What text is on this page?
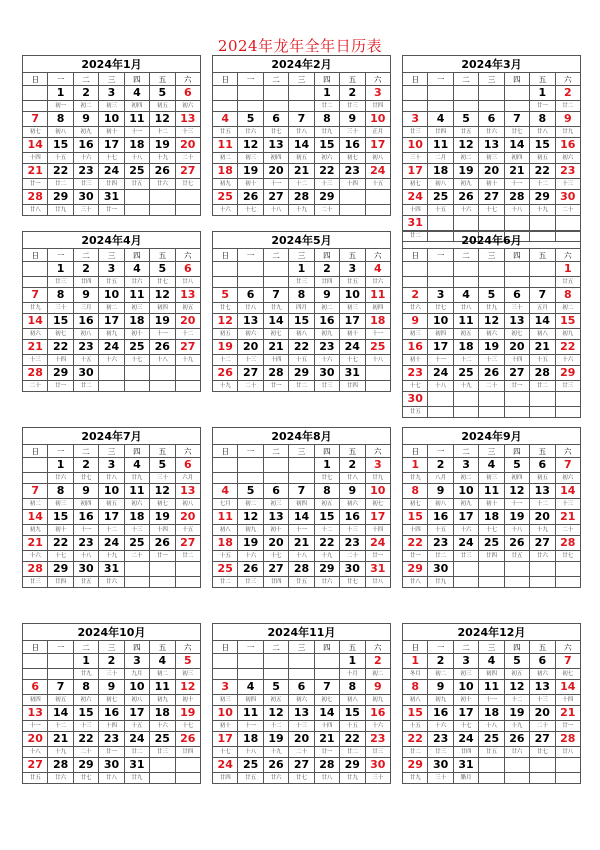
2024年龙年全年日历表
2024年1月						
日	一	二	三	四	五	六
	1	2	3	4	5	6
	初一	初二	初三	初四	初五	初六
7	8	9	10	11	12	13
初七	初八	初九	初十	十一	十二	十三
14	15	16	17	18	19	20
十四	十五	十六	十七	十八	十九	二十
21	22	23	24	25	26	27
廿一	廿二	廿三	廿四	廿五	廿六	廿七
28	29	30	31			
廿八	廿九	三十	廿一			
2024年2月						
日	一	二	三	四	五	六
				1	2	3
				廿二	廿三	廿四
4	5	6	7	8	9	10
廿五	廿六	廿七	廿八	廿九	三十	正月
11	12	13	14	15	16	17
初二	初三	初四	初五	初六	初七	初八
18	19	20	21	22	23	24
初九	初十	十一	十二	十三	十四	十五
25	26	27	28	29		
十六	十七	十八	十九	二十		
2024年3月						
日	一	二	三	四	五	六
					1	2
					廿一	廿二
3	4	5	6	7	8	9
廿三	廿四	廿五	廿六	廿七	廿八	廿九
10	11	12	13	14	15	16
三十	二月	初二	初三	初四	初五	初六
17	18	19	20	21	22	23
初七	初八	初九	初十	十一	十二	十三
24	25	26	27	28	29	30
十四	十五	十六	十七	十八	十九	二十
31						
廿二						
2024年4月						
日	一	二	三	四	五	六
	1	2	3	4	5	6
	廿三	廿四	廿五	廿六	廿七	廿八
7	8	9	10	11	12	13
廿九	三十	三月	初二	初三	初四	初五
14	15	16	17	18	19	20
初六	初七	初八	初九	初十	十一	十二
21	22	23	24	25	26	27
十三	十四	十五	十六	十七	十八	十九
28	29	30				
二十	廿一	廿二				
2024年5月						
日	一	二	三	四	五	六
			1	2	3	4
			廿三	廿四	廿五	廿六
5	6	7	8	9	10	11
廿七	廿八	廿九	四月	初二	初三	初四
12	13	14	15	16	17	18
初五	初六	初七	初八	初九	初十	十一
19	20	21	22	23	24	25
十二	十三	十四	十五	十六	十七	十八
26	27	28	29	30	31	
十九	二十	廿一	廿二	廿三	廿四	
2024年6月						
日	一	二	三	四	五	六
						1
						廿五
2	3	4	5	6	7	8
廿六	廿七	廿八	廿九	三十	五月	初二
9	10	11	12	13	14	15
初三	初四	初五	初六	初七	初八	初九
16	17	18	19	20	21	22
初十	十一	十二	十三	十四	十五	十六
23	24	25	26	27	28	29
十七	十八	十九	二十	廿一	廿二	廿三
30						
廿五						
2024年7月						
日	一	二	三	四	五	六
	1	2	3	4	5	6
	廿六	廿七	廿八	廿九	三十	六月
7	8	9	10	11	12	13
初二	初三	初四	初五	初六	初七	初八
14	15	16	17	18	19	20
初九	初十	十一	十二	十三	十四	十五
21	22	23	24	25	26	27
十六	十七	十八	十九	二十	廿一	廿二
28	29	30	31			
廿三	廿四	廿五	廿六			
2024年8月						
日	一	二	三	四	五	六
				1	2	3
				廿七	廿八	廿九
4	5	6	7	8	9	10
七月	初二	初三	初四	初五	初六	初七
11	12	13	14	15	16	17
初八	初九	初十	十一	十二	十三	十四
18	19	20	21	22	23	24
十五	十六	十七	十八	十九	二十	廿一
25	26	27	28	29	30	31
廿二	廿三	廿四	廿五	廿六	廿七	廿八
2024年9月						
日	一	二	三	四	五	六
1	2	3	4	5	6	7
廿九	八月	初二	初三	初四	初五	初六
8	9	10	11	12	13	14
初七	初八	初九	初十	十一	十二	十三
15	16	17	18	19	20	21
十四	十五	十六	十七	十八	十九	二十
22	23	24	25	26	27	28
廿一	廿二	廿三	廿四	廿五	廿六	廿七
29	30					
廿八	廿九					
2024年10月						
日	一	二	三	四	五	六
		1	2	3	4	5
		廿九	三十	九月	初二	初三
6	7	8	9	10	11	12
初四	初五	初六	初七	初八	初九	初十
13	14	15	16	17	18	19
十一	十二	十三	十四	十五	十六	十七
20	21	22	23	24	25	26
十八	十九	二十	廿一	廿二	廿三	廿四
27	28	29	30	31		
廿五	廿六	廿七	廿八	廿九		
2024年11月						
日	一	二	三	四	五	六
					1	2
					十月	初二
3	4	5	6	7	8	9
初三	初四	初五	初六	初七	初八	初九
10	11	12	13	14	15	16
初十	十一	十二	十三	十四	十五	十六
17	18	19	20	21	22	23
十七	十八	十九	二十	廿一	廿二	廿三
24	25	26	27	28	29	30
廿四	廿五	廿六	廿七	廿八	廿九	三十
2024年12月						
日	一	二	三	四	五	六
1	2	3	4	5	6	7
冬月	初二	初三	初四	初五	初六	初七
8	9	10	11	12	13	14
初八	初九	初十	十一	十二	十三	十四
15	16	17	18	19	20	21
十五	十六	十七	十八	十九	二十	廿一
22	23	24	25	26	27	28
廿二	廿三	廿四	廿五	廿六	廿七	廿八
29	30	31				
廿九	三十	腊月				
